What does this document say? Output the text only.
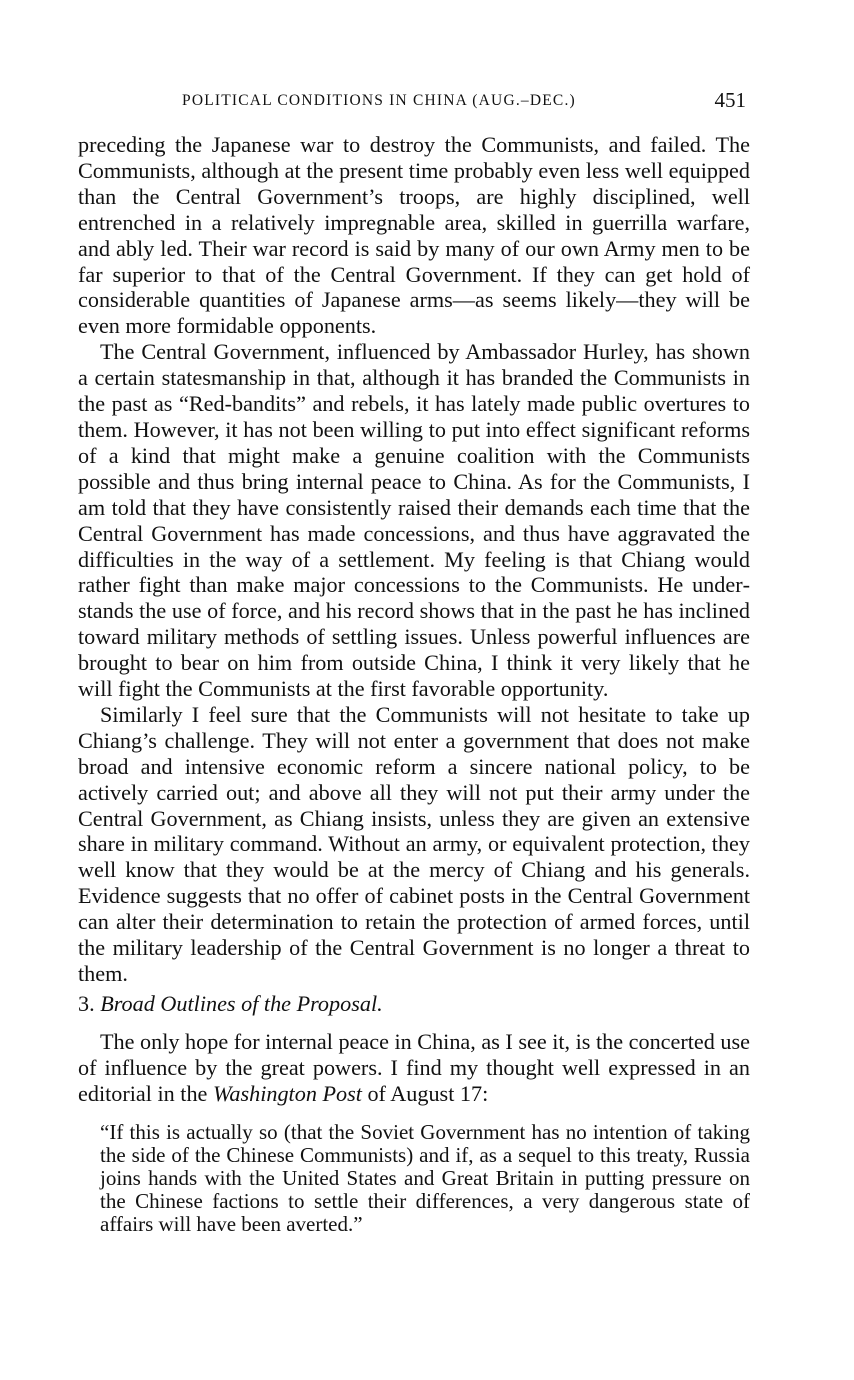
POLITICAL CONDITIONS IN CHINA (AUG.–DEC.)	451

preceding the Japanese war to destroy the Communists, and failed. The Communists, although at the present time probably even less well equipped than the Central Government’s troops, are highly disciplined, well entrenched in a relatively impregnable area, skilled in guerrilla warfare, and ably led. Their war record is said by many of our own Army men to be far superior to that of the Central Government. If they can get hold of considerable quantities of Japanese arms—as seems likely—they will be even more formidable opponents.

The Central Government, influenced by Ambassador Hurley, has shown a certain statesmanship in that, although it has branded the Communists in the past as “Red-bandits” and rebels, it has lately made public overtures to them. However, it has not been willing to put into effect significant reforms of a kind that might make a genuine coalition with the Communists possible and thus bring internal peace to China. As for the Communists, I am told that they have consistently raised their demands each time that the Central Government has made concessions, and thus have aggravated the difficulties in the way of a settlement. My feeling is that Chiang would rather fight than make major concessions to the Communists. He understands the use of force, and his record shows that in the past he has inclined toward military methods of settling issues. Unless powerful influences are brought to bear on him from outside China, I think it very likely that he will fight the Communists at the first favorable opportunity.

Similarly I feel sure that the Communists will not hesitate to take up Chiang’s challenge. They will not enter a government that does not make broad and intensive economic reform a sincere national policy, to be actively carried out; and above all they will not put their army under the Central Government, as Chiang insists, unless they are given an extensive share in military command. Without an army, or equivalent protection, they well know that they would be at the mercy of Chiang and his generals. Evidence suggests that no offer of cabinet posts in the Central Government can alter their determination to retain the protection of armed forces, until the military leadership of the Central Government is no longer a threat to them.

3. Broad Outlines of the Proposal.

The only hope for internal peace in China, as I see it, is the concerted use of influence by the great powers. I find my thought well expressed in an editorial in the Washington Post of August 17:

“If this is actually so (that the Soviet Government has no intention of taking the side of the Chinese Communists) and if, as a sequel to this treaty, Russia joins hands with the United States and Great Britain in putting pressure on the Chinese factions to settle their differences, a very dangerous state of affairs will have been averted.”
